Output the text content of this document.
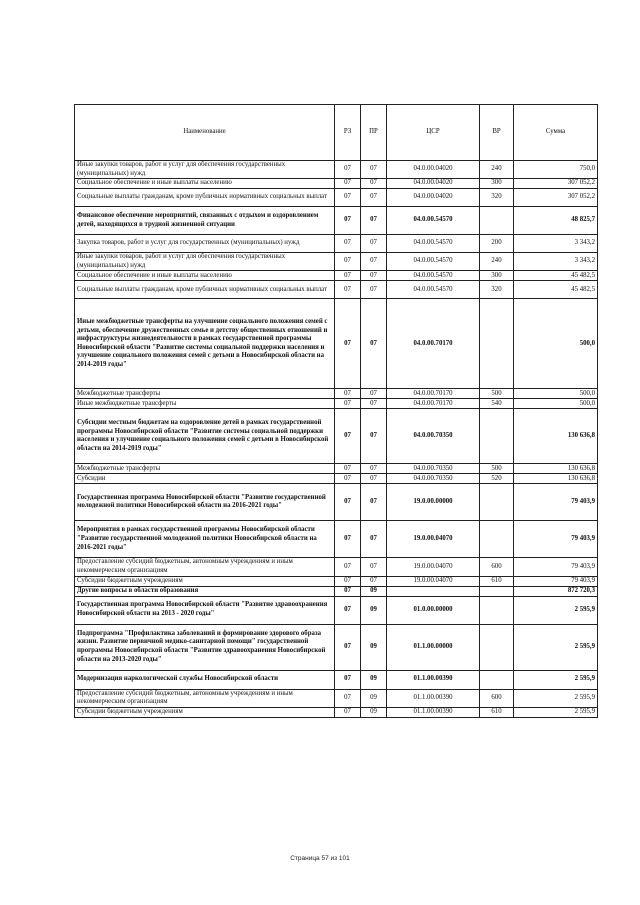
Наименование	РЗ	ПР	ЦСР	ВР	Сумма
Иные закупки товаров, работ и услуг для обеспечения государственных (муниципальных) нужд	07	07	04.0.00.04020	240	750,0
Социальное обеспечение и иные выплаты населению	07	07	04.0.00.04020	300	307 052,2
Социальные выплаты гражданам, кроме публичных нормативных социальных выплат	07	07	04.0.00.04020	320	307 052,2
Финансовое обеспечение мероприятий, связанных с отдыхом и оздоровлением детей, находящихся в трудной жизненной ситуации	07	07	04.0.00.54570		48 825,7
Закупка товаров, работ и услуг для государственных (муниципальных) нужд	07	07	04.0.00.54570	200	3 343,2
Иные закупки товаров, работ и услуг для обеспечения государственных (муниципальных) нужд	07	07	04.0.00.54570	240	3 343,2
Социальное обеспечение и иные выплаты населению	07	07	04.0.00.54570	300	45 482,5
Социальные выплаты гражданам, кроме публичных нормативных социальных выплат	07	07	04.0.00.54570	320	45 482,5
Иные межбюджетные трансферты на улучшение социального положения семей с детьми, обеспечение дружественных семье и детству общественных отношений и инфраструктуры жизнедеятельности в рамках государственной программы Новосибирской области "Развитие системы социальной поддержки населения и улучшение социального положения семей с детьми в Новосибирской области на 2014-2019 годы"	07	07	04.0.00.70170		500,0
Межбюджетные трансферты	07	07	04.0.00.70170	500	500,0
Иные межбюджетные трансферты	07	07	04.0.00.70170	540	500,0
Субсидии местным бюджетам на оздоровление детей в рамках государственной программы Новосибирской области "Развитие системы социальной поддержки населения и улучшение социального положения семей с детьми в Новосибирской области на 2014-2019 годы"	07	07	04.0.00.70350		130 636,8
Межбюджетные трансферты	07	07	04.0.00.70350	500	130 636,8
Субсидии	07	07	04.0.00.70350	520	130 636,8
Государственная программа Новосибирской области "Развитие государственной молодежной политики Новосибирской области на 2016-2021 годы"	07	07	19.0.00.00000		79 403,9
Мероприятия в рамках государственной программы Новосибирской области "Развитие государственной молодежной политики Новосибирской области на 2016-2021 годы"	07	07	19.0.00.04070		79 403,9
Предоставление субсидий бюджетным, автономным учреждениям и иным некоммерческим организациям	07	07	19.0.00.04070	600	79 403,9
Субсидии бюджетным учреждениям	07	07	19.0.00.04070	610	79 403,9
Другие вопросы в области образования	07	09			872 720,3
Государственная программа Новосибирской области "Развитие здравоохранения Новосибирской области на 2013 - 2020 годы"	07	09	01.0.00.00000		2 595,9
Подпрограмма "Профилактика заболеваний и формирование здорового образа жизни. Развитие первичной медико-санитарной помощи" государственной программы Новосибирской области "Развитие здравоохранения Новосибирской области на 2013-2020 годы"	07	09	01.1.00.00000		2 595,9
Модернизация наркологической службы Новосибирской области	07	09	01.1.00.00390		2 595,9
Предоставление субсидий бюджетным, автономным учреждениям и иным некоммерческим организациям	07	09	01.1.00.00390	600	2 595,9
Субсидии бюджетным учреждениям	07	09	01.1.00.00390	610	2 595,9
Страница 57 из 101
